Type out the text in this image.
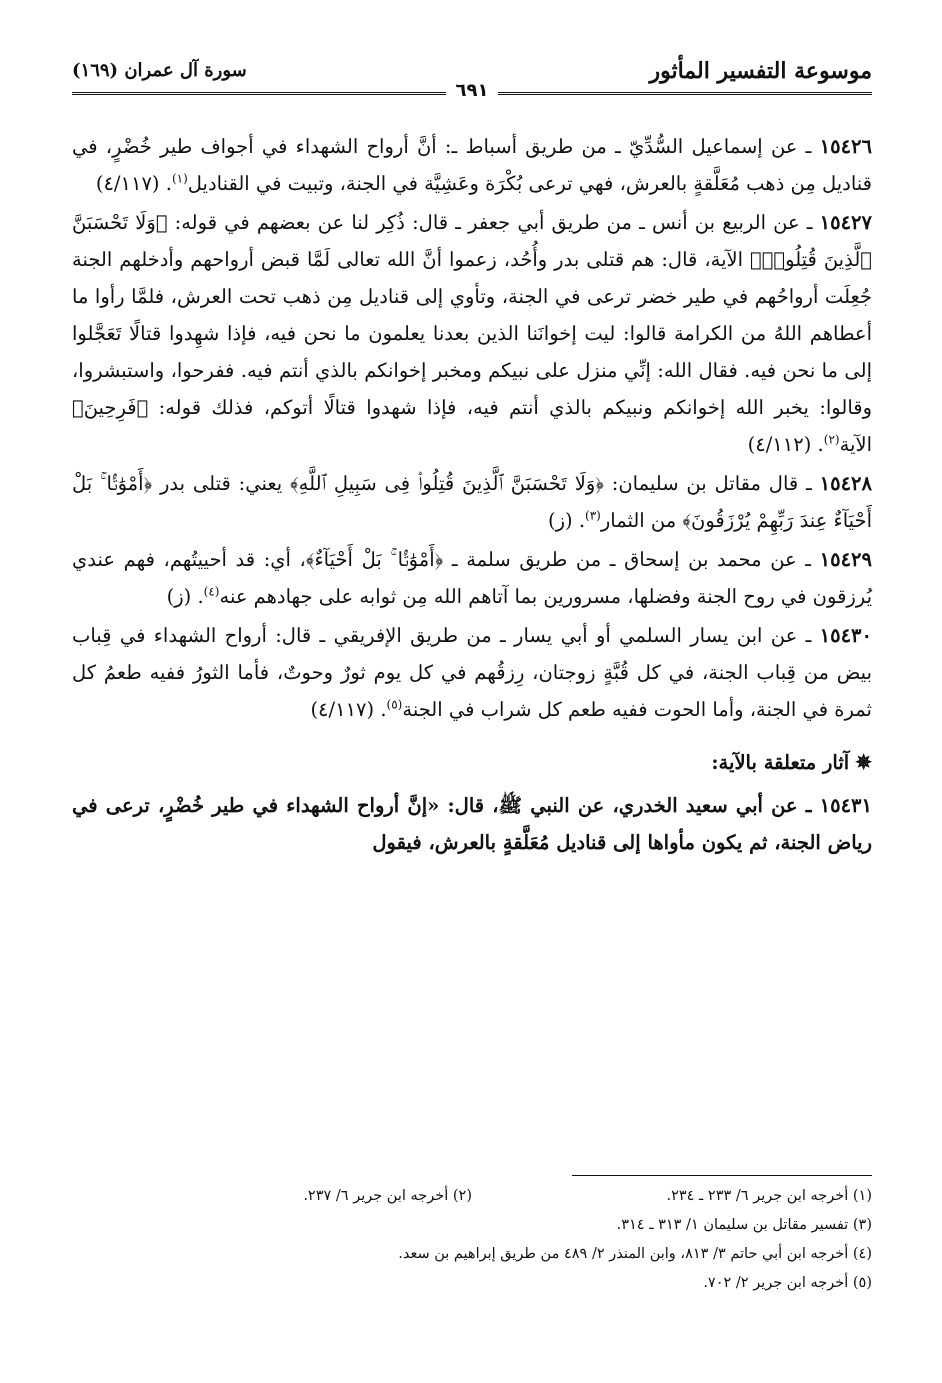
موسوعة التفسير المأثور
سورة آل عمران (١٦٩)
٦٩١

١٥٤٢٦ ـ عن إسماعيل السُّدِّيّ ـ من طريق أسباط ـ: أنَّ أرواح الشهداء في أجواف طير خُضْرٍ، في قناديل مِن ذهب مُعَلَّقةٍ بالعرش، فهي ترعى بُكْرَة وعَشِيَّة في الجنة، وتبيت في القناديل$^{(١)}$. (٤/١١٧)

١٥٤٢٧ ـ عن الربيع بن أنس ـ من طريق أبي جعفر ـ قال: ذُكِر لنا عن بعضهم في قوله: ﴿وَلَا تَحْسَبَنَّ ٱلَّذِينَ قُتِلُوا۟﴾ الآية، قال: هم قتلى بدر وأُحُد، زعموا أنَّ الله تعالى لَمَّا قبض أرواحهم وأدخلهم الجنة جُعِلَت أرواحُهم في طير خضر ترعى في الجنة، وتأوي إلى قناديل مِن ذهب تحت العرش، فلمَّا رأوا ما أعطاهم اللهُ من الكرامة قالوا: ليت إخوانَنا الذين بعدنا يعلمون ما نحن فيه، فإذا شهِدوا قتالًا تَعَجَّلوا إلى ما نحن فيه. فقال الله: إنِّي منزل على نبيكم ومخبر إخوانكم بالذي أنتم فيه. ففرحوا، واستبشروا، وقالوا: يخبر الله إخوانكم ونبيكم بالذي أنتم فيه، فإذا شهدوا قتالًا أتوكم، فذلك قوله: ﴿فَرِحِينَ﴾ الآية$^{(٢)}$. (٤/١١٢)

١٥٤٢٨ ـ قال مقاتل بن سليمان: ﴿وَلَا تَحْسَبَنَّ ٱلَّذِينَ قُتِلُوا۟ فِى سَبِيلِ ٱللَّهِ﴾ يعني: قتلى بدر ﴿أَمْوَٰتًۢا ۚ بَلْ أَحْيَآءٌ عِندَ رَبِّهِمْ يُرْزَقُونَ﴾ من الثمار$^{(٣)}$. (ز)

١٥٤٢٩ ـ عن محمد بن إسحاق ـ من طريق سلمة ـ ﴿أَمْوَٰتًۢا ۚ بَلْ أَحْيَآءٌ﴾، أي: قد أحييتُهم، فهم عندي يُرزقون في روح الجنة وفضلها، مسرورين بما آتاهم الله مِن ثوابه على جهادهم عنه$^{(٤)}$. (ز)

١٥٤٣٠ ـ عن ابن يسار السلمي أو أبي يسار ـ من طريق الإفريقي ـ قال: أرواح الشهداء في قِباب بيض من قِباب الجنة، في كل قُبَّةٍ زوجتان، رِزقُهم في كل يوم ثورٌ وحوتٌ، فأما الثورُ ففيه طعمُ كل ثمرة في الجنة، وأما الحوت ففيه طعم كل شراب في الجنة$^{(٥)}$. (٤/١١٧)

✵آثار متعلقة بالآية:

١٥٤٣١ ـ عن أبي سعيد الخدري، عن النبي ﷺ، قال: «إنَّ أرواح الشهداء في طير خُضْرٍ، ترعى في رياض الجنة، ثم يكون مأواها إلى قناديل مُعَلَّقةٍ بالعرش، فيقول

(١) أخرجه ابن جرير ٦/ ٢٣٣ ـ ٢٣٤.
(٢) أخرجه ابن جرير ٦/ ٢٣٧.
(٣) تفسير مقاتل بن سليمان ١/ ٣١٣ ـ ٣١٤.
(٤) أخرجه ابن أبي حاتم ٣/ ٨١٣، وابن المنذر ٢/ ٤٨٩ من طريق إبراهيم بن سعد.
(٥) أخرجه ابن جرير ٢/ ٧٠٢.
